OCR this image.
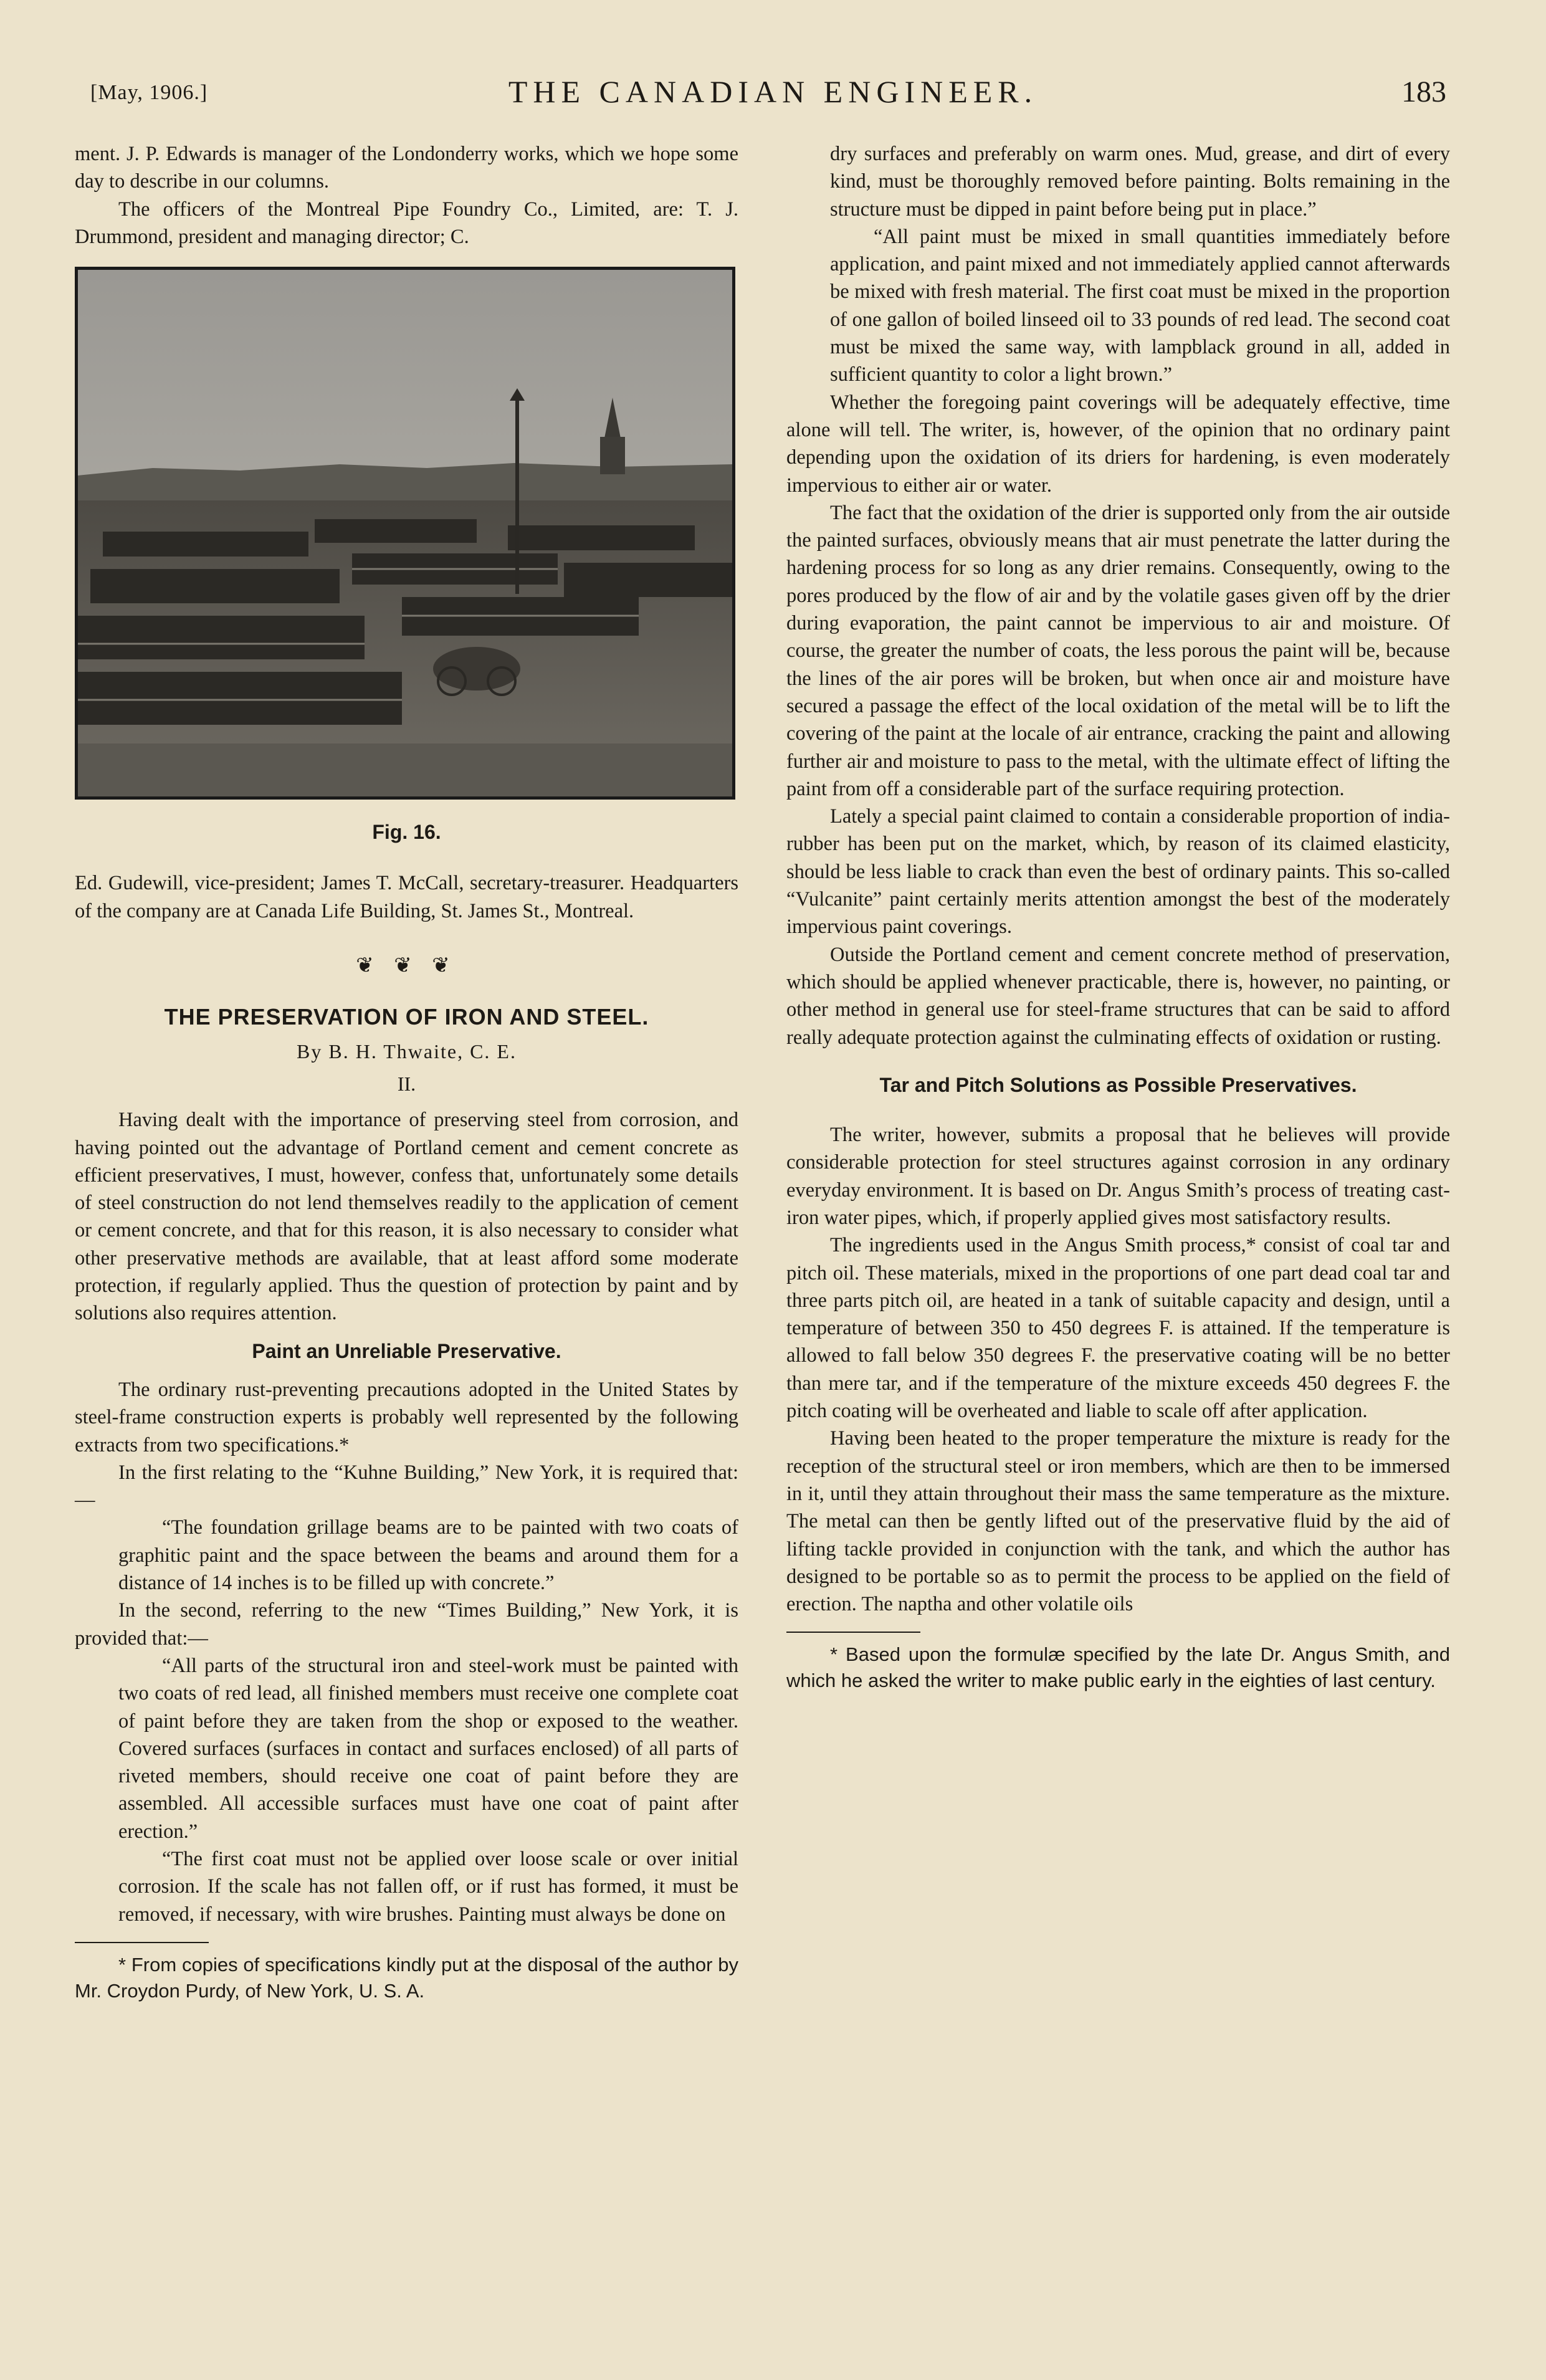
[May, 1906.]	THE CANADIAN ENGINEER.	183

ment. J. P. Edwards is manager of the Londonderry works, which we hope some day to describe in our columns.

The officers of the Montreal Pipe Foundry Co., Limited, are: T. J. Drummond, president and managing director; C.

Fig. 16.

Ed. Gudewill, vice-president; James T. McCall, secretary-treasurer. Headquarters of the company are at Canada Life Building, St. James St., Montreal.

❦ ❦ ❦
THE PRESERVATION OF IRON AND STEEL.
By B. H. Thwaite, C. E.
II.

Having dealt with the importance of preserving steel from corrosion, and having pointed out the advantage of Portland cement and cement concrete as efficient preservatives, I must, however, confess that, unfortunately some details of steel construction do not lend themselves readily to the application of cement or cement concrete, and that for this reason, it is also necessary to consider what other preservative methods are available, that at least afford some moderate protection, if regularly applied. Thus the question of protection by paint and by solutions also requires attention.

Paint an Unreliable Preservative.

The ordinary rust-preventing precautions adopted in the United States by steel-frame construction experts is probably well represented by the following extracts from two specifications.*

In the first relating to the “Kuhne Building,” New York, it is required that:—

“The foundation grillage beams are to be painted with two coats of graphitic paint and the space between the beams and around them for a distance of 14 inches is to be filled up with concrete.”

In the second, referring to the new “Times Building,” New York, it is provided that:—

“All parts of the structural iron and steel-work must be painted with two coats of red lead, all finished members must receive one complete coat of paint before they are taken from the shop or exposed to the weather. Covered surfaces (surfaces in contact and surfaces enclosed) of all parts of riveted members, should receive one coat of paint before they are assembled. All accessible surfaces must have one coat of paint after erection.”

“The first coat must not be applied over loose scale or over initial corrosion. If the scale has not fallen off, or if rust has formed, it must be removed, if necessary, with wire brushes. Painting must always be done on

* From copies of specifications kindly put at the disposal of the author by Mr. Croydon Purdy, of New York, U. S. A.

dry surfaces and preferably on warm ones. Mud, grease, and dirt of every kind, must be thoroughly removed before painting. Bolts remaining in the structure must be dipped in paint before being put in place.”

“All paint must be mixed in small quantities immediately before application, and paint mixed and not immediately applied cannot afterwards be mixed with fresh material. The first coat must be mixed in the proportion of one gallon of boiled linseed oil to 33 pounds of red lead. The second coat must be mixed the same way, with lampblack ground in all, added in sufficient quantity to color a light brown.”

Whether the foregoing paint coverings will be adequately effective, time alone will tell. The writer, is, however, of the opinion that no ordinary paint depending upon the oxidation of its driers for hardening, is even moderately impervious to either air or water.

The fact that the oxidation of the drier is supported only from the air outside the painted surfaces, obviously means that air must penetrate the latter during the hardening process for so long as any drier remains. Consequently, owing to the pores produced by the flow of air and by the volatile gases given off by the drier during evaporation, the paint cannot be impervious to air and moisture. Of course, the greater the number of coats, the less porous the paint will be, because the lines of the air pores will be broken, but when once air and moisture have secured a passage the effect of the local oxidation of the metal will be to lift the covering of the paint at the locale of air entrance, cracking the paint and allowing further air and moisture to pass to the metal, with the ultimate effect of lifting the paint from off a considerable part of the surface requiring protection.

Lately a special paint claimed to contain a considerable proportion of india-rubber has been put on the market, which, by reason of its claimed elasticity, should be less liable to crack than even the best of ordinary paints. This so-called “Vulcanite” paint certainly merits attention amongst the best of the moderately impervious paint coverings.

Outside the Portland cement and cement concrete method of preservation, which should be applied whenever practicable, there is, however, no painting, or other method in general use for steel-frame structures that can be said to afford really adequate protection against the culminating effects of oxidation or rusting.

Tar and Pitch Solutions as Possible Preservatives.

The writer, however, submits a proposal that he believes will provide considerable protection for steel structures against corrosion in any ordinary everyday environment. It is based on Dr. Angus Smith’s process of treating cast-iron water pipes, which, if properly applied gives most satisfactory results.

The ingredients used in the Angus Smith process,* consist of coal tar and pitch oil. These materials, mixed in the proportions of one part dead coal tar and three parts pitch oil, are heated in a tank of suitable capacity and design, until a temperature of between 350 to 450 degrees F. is attained. If the temperature is allowed to fall below 350 degrees F. the preservative coating will be no better than mere tar, and if the temperature of the mixture exceeds 450 degrees F. the pitch coating will be overheated and liable to scale off after application.

Having been heated to the proper temperature the mixture is ready for the reception of the structural steel or iron members, which are then to be immersed in it, until they attain throughout their mass the same temperature as the mixture. The metal can then be gently lifted out of the preservative fluid by the aid of lifting tackle provided in conjunction with the tank, and which the author has designed to be portable so as to permit the process to be applied on the field of erection. The naptha and other volatile oils

* Based upon the formulæ specified by the late Dr. Angus Smith, and which he asked the writer to make public early in the eighties of last century.
